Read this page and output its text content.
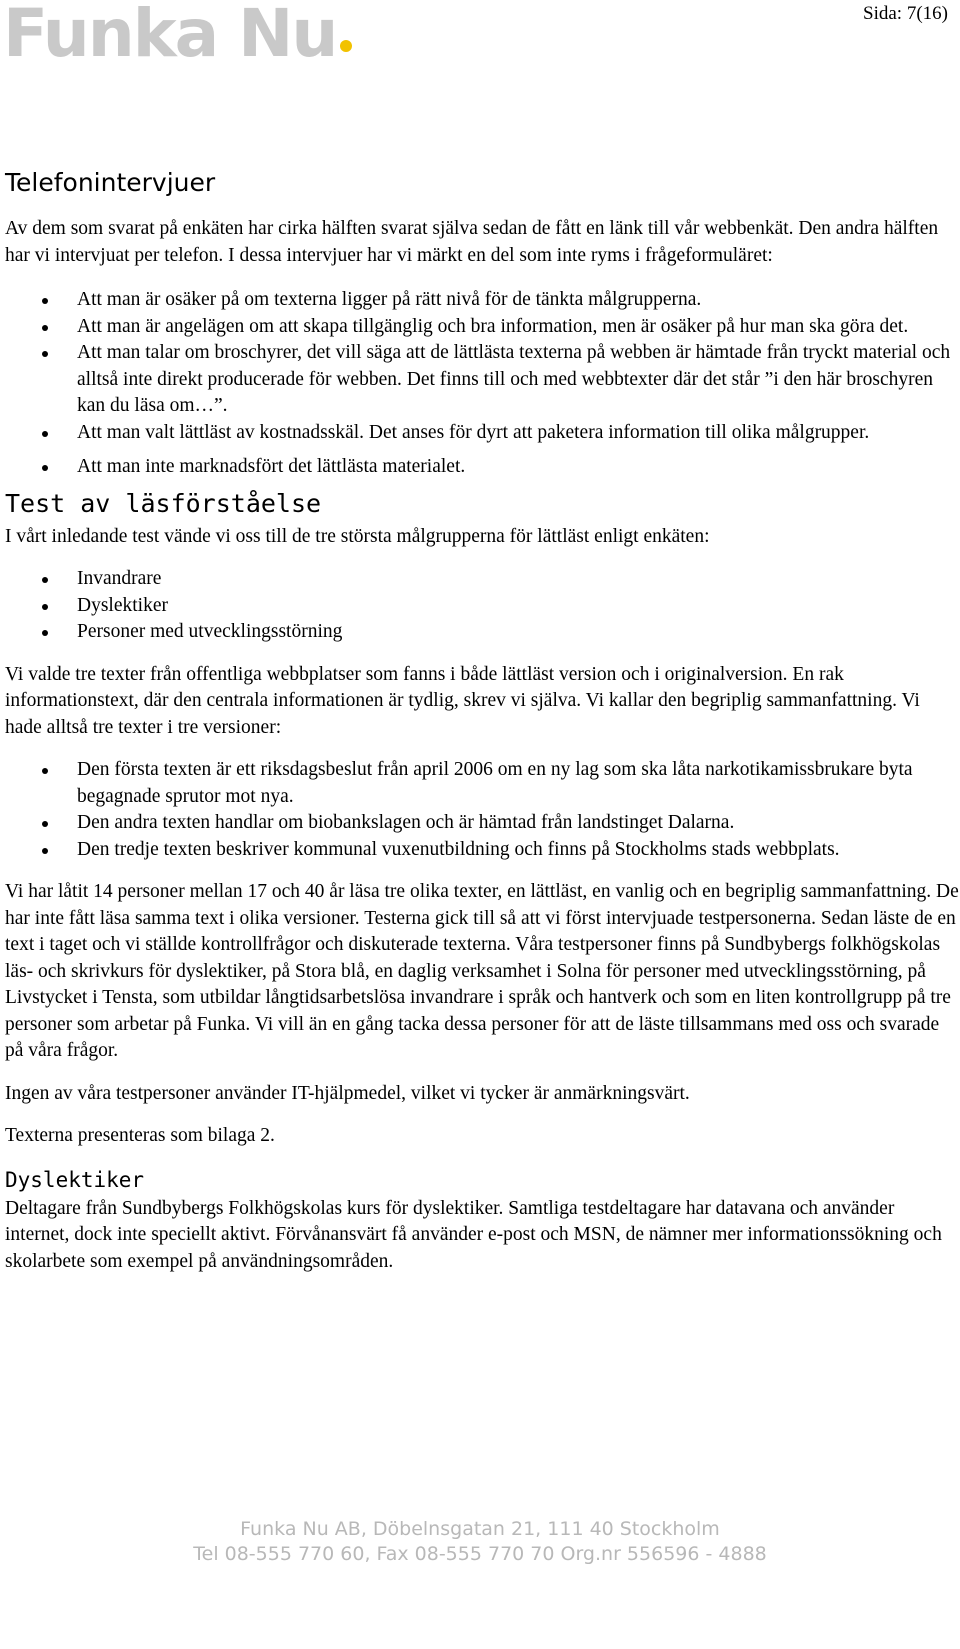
Funka Nu	Sida: 7(16)
Telefonintervjuer

Av dem som svarat på enkäten har cirka hälften svarat själva sedan de fått en länk till vår webbenkät. Den andra hälften har vi intervjuat per telefon. I dessa intervjuer har vi märkt en del som inte ryms i frågeformuläret:

Att man är osäker på om texterna ligger på rätt nivå för de tänkta målgrupperna.
Att man är angelägen om att skapa tillgänglig och bra information, men är osäker på hur man ska göra det.
Att man talar om broschyrer, det vill säga att de lättlästa texterna på webben är hämtade från tryckt material och alltså inte direkt producerade för webben. Det finns till och med webbtexter där det står ”i den här broschyren kan du läsa om…”.
Att man valt lättläst av kostnadsskäl. Det anses för dyrt att paketera information till olika målgrupper.
Att man inte marknadsfört det lättlästa materialet.
Test av läsförståelse

I vårt inledande test vände vi oss till de tre största målgrupperna för lättläst enligt enkäten:

Invandrare
Dyslektiker
Personer med utvecklingsstörning

Vi valde tre texter från offentliga webbplatser som fanns i både lättläst version och i originalversion. En rak informationstext, där den centrala informationen är tydlig, skrev vi själva. Vi kallar den begriplig sammanfattning. Vi hade alltså tre texter i tre versioner:

Den första texten är ett riksdagsbeslut från april 2006 om en ny lag som ska låta narkotikamissbrukare byta begagnade sprutor mot nya.
Den andra texten handlar om biobankslagen och är hämtad från landstinget Dalarna.
Den tredje texten beskriver kommunal vuxenutbildning och finns på Stockholms stads webbplats.

Vi har låtit 14 personer mellan 17 och 40 år läsa tre olika texter, en lättläst, en vanlig och en begriplig sammanfattning. De har inte fått läsa samma text i olika versioner. Testerna gick till så att vi först intervjuade testpersonerna. Sedan läste de en text i taget och vi ställde kontrollfrågor och diskuterade texterna. Våra testpersoner finns på Sundbybergs folkhögskolas läs- och skrivkurs för dyslektiker, på Stora blå, en daglig verksamhet i Solna för personer med utvecklingsstörning, på Livstycket i Tensta, som utbildar långtidsarbetslösa invandrare i språk och hantverk och som en liten kontrollgrupp på tre personer som arbetar på Funka. Vi vill än en gång tacka dessa personer för att de läste tillsammans med oss och svarade på våra frågor.

Ingen av våra testpersoner använder IT-hjälpmedel, vilket vi tycker är anmärkningsvärt.

Texterna presenteras som bilaga 2.

Dyslektiker

Deltagare från Sundbybergs Folkhögskolas kurs för dyslektiker. Samtliga testdeltagare har datavana och använder internet, dock inte speciellt aktivt. Förvånansvärt få använder e-post och MSN, de nämner mer informationssökning och skolarbete som exempel på användningsområden.

Funka Nu AB, Döbelnsgatan 21, 111 40 Stockholm
Tel 08-555 770 60, Fax 08-555 770 70 Org.nr 556596 - 4888
